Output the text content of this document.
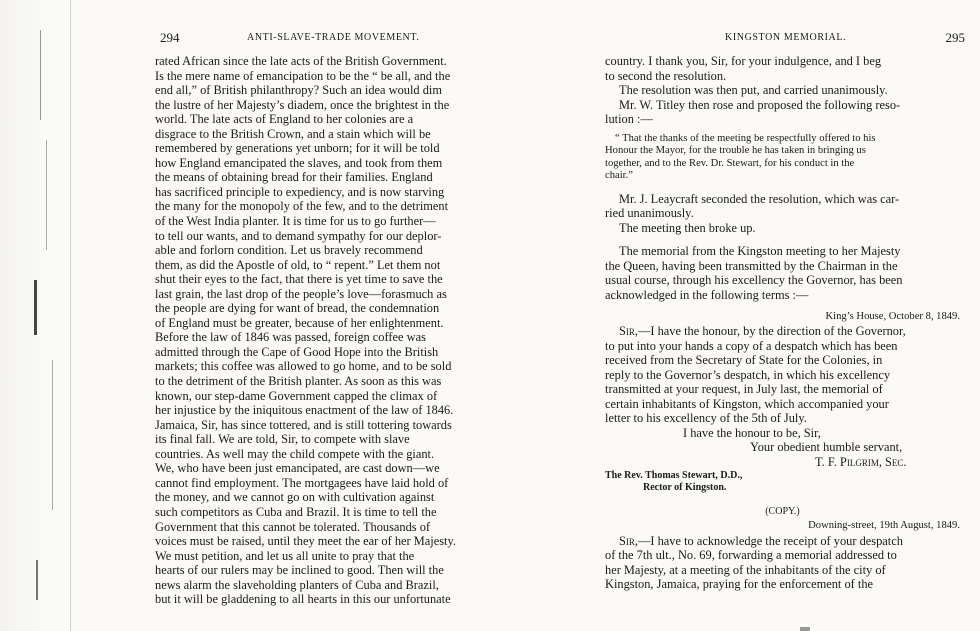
294	ANTI-SLAVE-TRADE MOVEMENT.

rated African since the late acts of the British Government.

Is the mere name of emancipation to be the “ be all, and the

end all,” of British philanthropy? Such an idea would dim

the lustre of her Majesty’s diadem, once the brightest in the

world. The late acts of England to her colonies are a

disgrace to the British Crown, and a stain which will be

remembered by generations yet unborn; for it will be told

how England emancipated the slaves, and took from them

the means of obtaining bread for their families. England

has sacrificed principle to expediency, and is now starving

the many for the monopoly of the few, and to the detriment

of the West India planter. It is time for us to go further—

to tell our wants, and to demand sympathy for our deplor-

able and forlorn condition. Let us bravely recommend

them, as did the Apostle of old, to “ repent.” Let them not

shut their eyes to the fact, that there is yet time to save the

last grain, the last drop of the people’s love—forasmuch as

the people are dying for want of bread, the condemnation

of England must be greater, because of her enlightenment.

Before the law of 1846 was passed, foreign coffee was

admitted through the Cape of Good Hope into the British

markets; this coffee was allowed to go home, and to be sold

to the detriment of the British planter. As soon as this was

known, our step-dame Government capped the climax of

her injustice by the iniquitous enactment of the law of 1846.

Jamaica, Sir, has since tottered, and is still tottering towards

its final fall. We are told, Sir, to compete with slave

countries. As well may the child compete with the giant.

We, who have been just emancipated, are cast down—we

cannot find employment. The mortgagees have laid hold of

the money, and we cannot go on with cultivation against

such competitors as Cuba and Brazil. It is time to tell the

Government that this cannot be tolerated. Thousands of

voices must be raised, until they meet the ear of her Majesty.

We must petition, and let us all unite to pray that the

hearts of our rulers may be inclined to good. Then will the

news alarm the slaveholding planters of Cuba and Brazil,

but it will be gladdening to all hearts in this our unfortunate

KINGSTON MEMORIAL.	295

country. I thank you, Sir, for your indulgence, and I beg

to second the resolution.

The resolution was then put, and carried unanimously.

Mr. W. Titley then rose and proposed the following reso-

lution :—

“ That the thanks of the meeting be respectfully offered to his

Honour the Mayor, for the trouble he has taken in bringing us

together, and to the Rev. Dr. Stewart, for his conduct in the

chair.”

Mr. J. Leaycraft seconded the resolution, which was car-

ried unanimously.

The meeting then broke up.

The memorial from the Kingston meeting to her Majesty

the Queen, having been transmitted by the Chairman in the

usual course, through his excellency the Governor, has been

acknowledged in the following terms :—

King’s House, October 8, 1849.

Sir,—I have the honour, by the direction of the Governor,

to put into your hands a copy of a despatch which has been

received from the Secretary of State for the Colonies, in

reply to the Governor’s despatch, in which his excellency

transmitted at your request, in July last, the memorial of

certain inhabitants of Kingston, which accompanied your

letter to his excellency of the 5th of July.

I have the honour to be, Sir,

Your obedient humble servant,

T. F. Pilgrim, Sec.

The Rev. Thomas Stewart, D.D.,

Rector of Kingston.

(COPY.)

Downing-street, 19th August, 1849.

Sir,—I have to acknowledge the receipt of your despatch

of the 7th ult., No. 69, forwarding a memorial addressed to

her Majesty, at a meeting of the inhabitants of the city of

Kingston, Jamaica, praying for the enforcement of the
